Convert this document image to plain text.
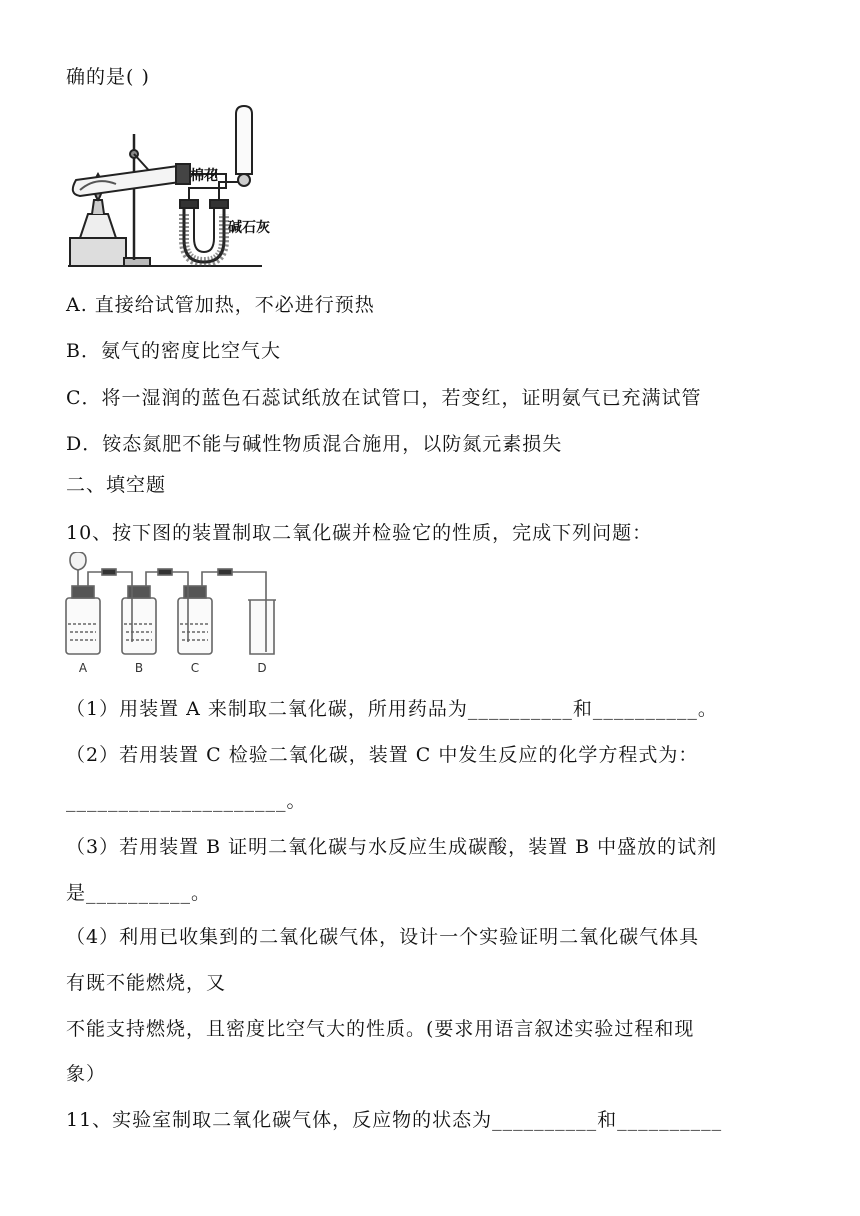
确的是( )
棉花
碱石灰
A. 直接给试管加热，不必进行预热
B．氨气的密度比空气大
C．将一湿润的蓝色石蕊试纸放在试管口，若变红，证明氨气已充满试管
D．铵态氮肥不能与碱性物质混合施用，以防氮元素损失
二、填空题
10、按下图的装置制取二氧化碳并检验它的性质，完成下列问题：
A	B	C	D
（1）用装置 A 来制取二氧化碳，所用药品为__________和__________。
（2）若用装置 C 检验二氧化碳，装置 C 中发生反应的化学方程式为：
_____________________。
（3）若用装置 B 证明二氧化碳与水反应生成碳酸，装置 B 中盛放的试剂
是__________。
（4）利用已收集到的二氧化碳气体，设计一个实验证明二氧化碳气体具
有既不能燃烧，又
不能支持燃烧，且密度比空气大的性质。(要求用语言叙述实验过程和现
象）
11、实验室制取二氧化碳气体，反应物的状态为__________和__________
